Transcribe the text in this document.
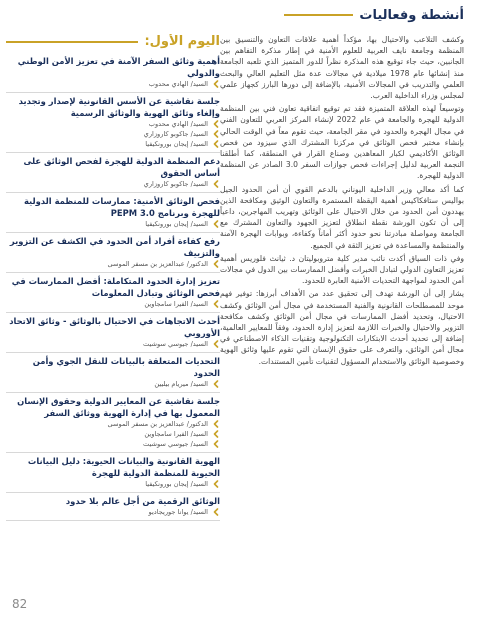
أنشطة وفعاليات

وكشف التلاعب والاحتيال بها، مؤكداً أهمية علاقات التعاون والتنسيق بين المنظمة وجامعة نايف العربية للعلوم الأمنية في إطار مذكرة التفاهم بين الجانبين، حيث جاء توقيع هذه المذكرة نظراً للدور المتميز الذي تلعبه الجامعة منذ إنشائها عام 1978 ميلادية في مجالات عدة مثل التعليم العالي والبحث العلمي والتدريب في المجالات الأمنية، بالإضافة إلى دورها البارز كجهاز علمي لمجلس وزراء الداخلية العرب.

وتوسيعاً لهذه العلاقة المتميزة فقد تم توقيع اتفاقية تعاون فني بين المنظمة الدولية للهجرة والجامعة في عام 2022 لإنشاء المركز العربي للتعاون الفني في مجال الهجرة والحدود في مقر الجامعة، حيث تقوم معاً في الوقت الحالي بإنشاء مختبر فحص الوثائق في مركزنا المشترك الذي سيزود من فحص الوثائق الأكاديمي لكبار المعاهدين وصناع القرار في المنطقة، كما أطلقنا النجمة العربية لدليل إجراءات فحص جوازات السفر 3.0 الصادر عن المنظمة الدولية للهجرة.

كما أكد معالي وزير الداخلية اليوناني بالدعم القوي أن أمن الحدود الجيل بواليس ستافكاكيس أهمية اليقظة المستمرة والتعاون الوثيق ومكافحة الذين يهددون أمن الحدود من خلال الاحتيال على الوثائق وتهريب المهاجرين، داعياً إلى أن تكون الورشة نقطة انطلاق لتعزيز الجهود والتعاون المشترك مع الجامعة ومواصلة مبادرتنا نحو حدود أكثر أماناً وكفاءة، وبوابات الهجرة الآمنة والمنتظمة والمساعدة في تعزيز الثقة في الجميع.

وفي ذات السياق أكدت نائب مدير كلية متروبوليتان د. ثيانث فلوريس أهمية تعزيز التعاون الدولي لتبادل الخبرات وأفضل الممارسات بين الدول في مجالات أمن الحدود لمواجهة التحديات الأمنية العابرة للحدود.

يشار إلى أن الورشة تهدف إلى تحقيق عدد من الأهداف أبرزها: توفير فهم موحد للمصطلحات القانونية والفنية المستخدمة في مجال أمن الوثائق وكشف الاحتيال، وتحديد أفضل الممارسات في مجال أمن الوثائق وكشف مكافحة التزوير والاحتيال والخبرات اللازمة لتعزيز إدارة الحدود، وفقاً للمعايير العالمية، إضافة إلى تحديد أحدث الابتكارات التكنولوجية وتقنيات الذكاء الاصطناعي في مجال أمن الوثائق، والتعرف على حقوق الإنسان التي تقوم عليها وثائق الهوية وخصوصية الوثائق والاستخدام المسؤول لتقنيات تأمين المستندات.

اليوم الأول:

أهمية وثائق السفر الآمنة في تعزيز الأمن الوطني والدولي

السيد/ الهادي محدوب

جلسة نقاشية عن الأسس القانونية لإصدار وتجديد وإلغاء وثائق الهوية والوثائق الرسمية

السيد/ الهادي محدوب
السيد/ جاكوبو كاروزاري
السيد/ إيجان بورونكيفيا

دعم المنظمة الدولية للهجرة لفحص الوثائق على أساس الحقوق

السيد/ جاكوبو كاروزاري

فحص الوثائق الأمنية: ممارسات للمنظمة الدولية للهجرة وبرنامج PEPM 3.0

السيد/ إيجان بورونكيفيا

رفع كفاءة أفراد أمن الحدود في الكشف عن التزوير والتزييف

الدكتور/ عبدالعزيز بن مسفر الموسى

تعزيز إدارة الحدود المتكاملة: أفضل الممارسات في فحص الوثائق وتبادل المعلومات

السيد/ الفيرا سامجاوين

أحدث الاتجاهات في الاحتيال بالوثائق - وثائق الاتحاد الأوروبي

السيد/ جيوسي سوشيت

التحديات المتعلقة بالبيانات للنقل الجوي وأمن الحدود

السيد/ ميريام بيليين

جلسة نقاشية عن المعايير الدولية وحقوق الإنسان المعمول بها في إدارة الهوية ووثائق السفر

الدكتور/ عبدالعزيز بن مسفر الموسى
السيد/ الفيرا سامجاوين
السيد/ جيوسي سوشيت

الهوية القانونية والبيانات الحيوية: دليل البيانات الحيوية للمنظمة الدولية للهجرة

السيد/ إيجان بورونكيفيا

الوثائق الرقمية من أجل عالم بلا حدود

السيد/ يوانا جوريجاديو
82
